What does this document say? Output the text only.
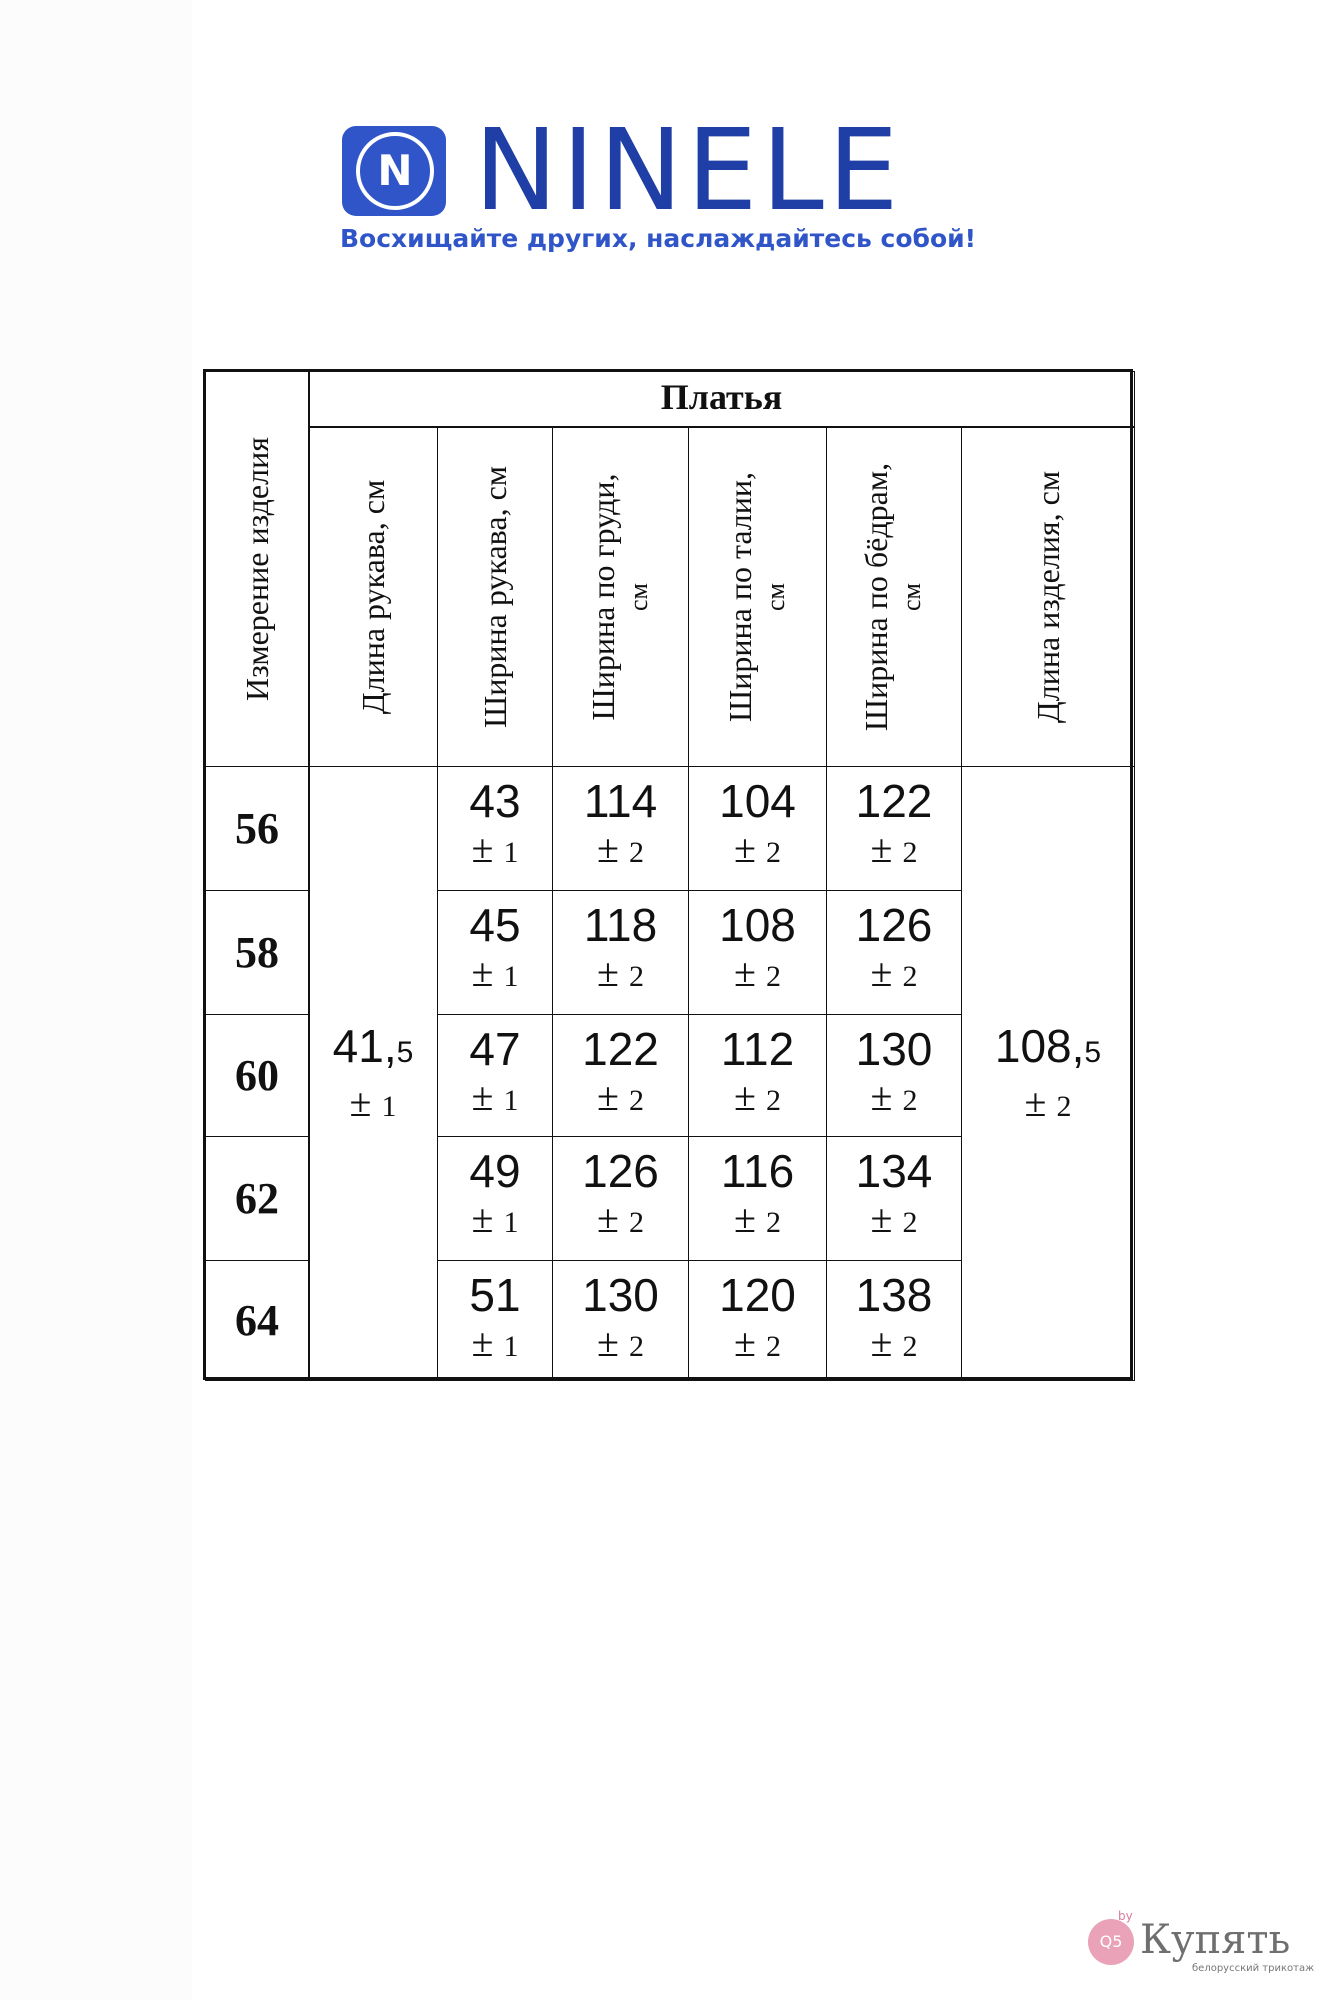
N NINELE
Восхищайте других, наслаждайтесь собой!
Измерение изделия
Платья
Длина рукава, см	Ширина рукава, см Ширина по груди, см Ширина по талии, см Ширина по бёдрам, см	Длина изделия, см
56
58
60
62
64
41,5
± 1
108,5
± 2
43
± 1
114
± 2
104
± 2
122
± 2
45
± 1
118
± 2
108
± 2
126
± 2
47
± 1
122
± 2
112
± 2
130
± 2
49
± 1
126
± 2
116
± 2
134
± 2
51
± 1
130
± 2
120
± 2
138
± 2
Q5
by
Купять
белорусский трикотаж
